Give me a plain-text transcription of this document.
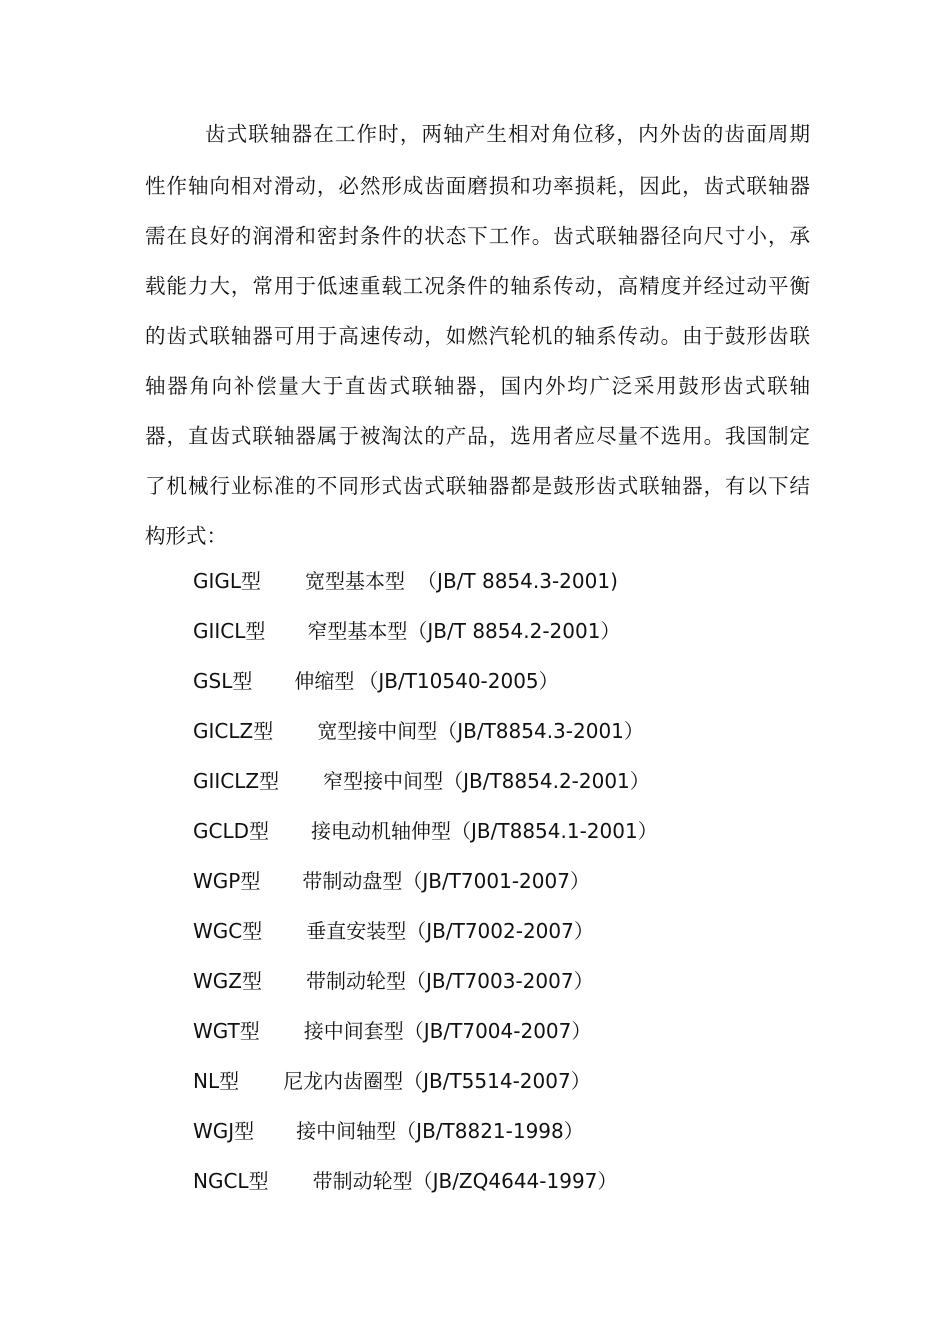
齿式联轴器在工作时，两轴产生相对角位移，内外齿的齿面周期
性作轴向相对滑动，必然形成齿面磨损和功率损耗，因此，齿式联轴器
需在良好的润滑和密封条件的状态下工作。齿式联轴器径向尺寸小，承
载能力大，常用于低速重载工况条件的轴系传动，高精度并经过动平衡
的齿式联轴器可用于高速传动，如燃汽轮机的轴系传动。由于鼓形齿联
轴器角向补偿量大于直齿式联轴器，国内外均广泛采用鼓形齿式联轴
器，直齿式联轴器属于被淘汰的产品，选用者应尽量不选用。我国制定
了机械行业标准的不同形式齿式联轴器都是鼓形齿式联轴器，有以下结
构形式：
GIGL型 宽型基本型 （JB/T 8854.3-2001)
GIICL型 窄型基本型（JB/T 8854.2-2001）
GSL型 伸缩型 （JB/T10540-2005）
GICLZ型 宽型接中间型（JB/T8854.3-2001）
GIICLZ型 窄型接中间型（JB/T8854.2-2001）
GCLD型 接电动机轴伸型（JB/T8854.1-2001）
WGP型 带制动盘型（JB/T7001-2007）
WGC型 垂直安装型（JB/T7002-2007）
WGZ型 带制动轮型（JB/T7003-2007）
WGT型 接中间套型（JB/T7004-2007）
NL型 尼龙内齿圈型（JB/T5514-2007）
WGJ型 接中间轴型（JB/T8821-1998）
NGCL型 带制动轮型（JB/ZQ4644-1997）
